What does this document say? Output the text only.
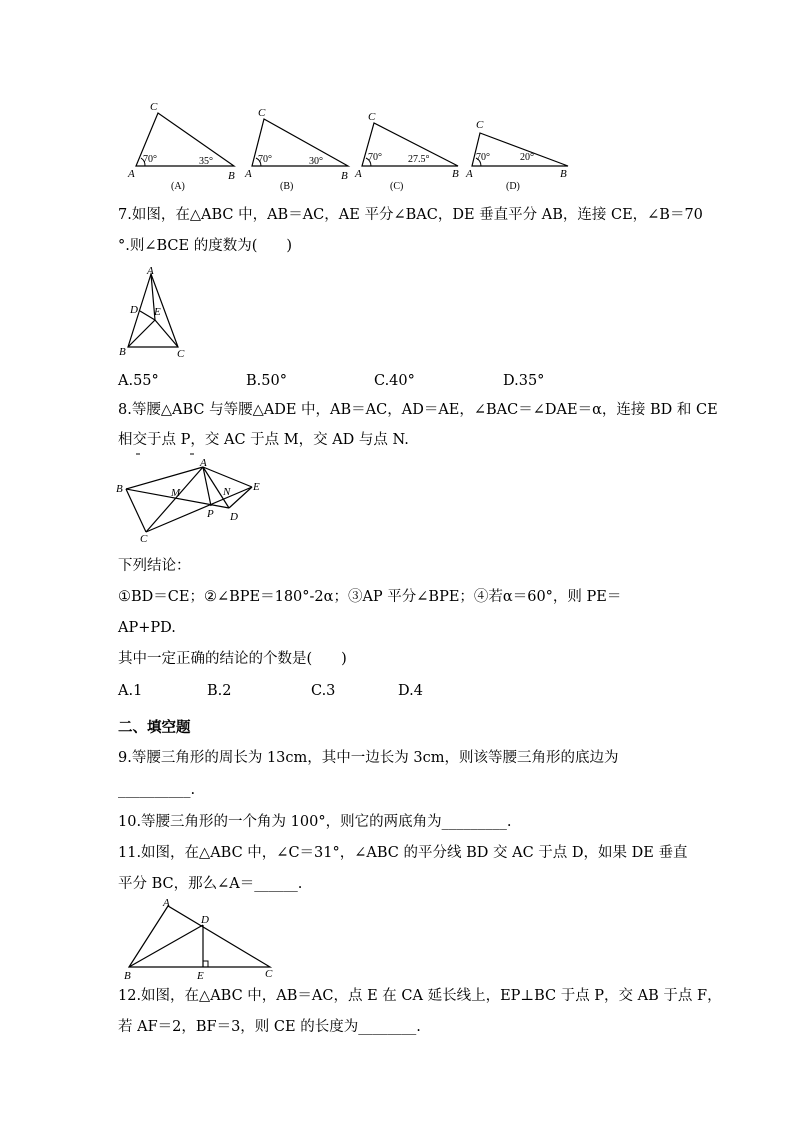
C
A	B
70°	35°
(A)
C
A	B
70°	30°
(B)
C
A	B
70°	27.5°
(C)
C
A	B
70°	20°
(D)
7.如图，在△ABC 中，AB＝AC，AE 平分∠BAC，DE 垂直平分 AB，连接 CE，∠B＝70
°.则∠BCE 的度数为(　　)
A
D E
B	C
A.55°	B.50°	C.40°	D.35°
8.等腰△ABC 与等腰△ADE 中，AB＝AC，AD＝AE，∠BAC＝∠DAE＝α，连接 BD 和 CE
相交于点 P，交 AC 于点 M，交 AD 与点 N.
A
B	M	N E
P D
C
下列结论：
①BD＝CE；②∠BPE＝180°-2α；③AP 平分∠BPE；④若α＝60°，则 PE＝
AP+PD.
其中一定正确的结论的个数是(　　)
A.1	B.2	C.3	D.4
二、填空题
9.等腰三角形的周长为 13cm，其中一边长为 3cm，则该等腰三角形的底边为
__________.
10.等腰三角形的一个角为 100°，则它的两底角为_________.
11.如图，在△ABC 中，∠C＝31°，∠ABC 的平分线 BD 交 AC 于点 D，如果 DE 垂直
平分 BC，那么∠A＝______.
A
D
B	E	C
12.如图，在△ABC 中，AB＝AC，点 E 在 CA 延长线上，EP⊥BC 于点 P，交 AB 于点 F，
若 AF＝2，BF＝3，则 CE 的长度为________.
